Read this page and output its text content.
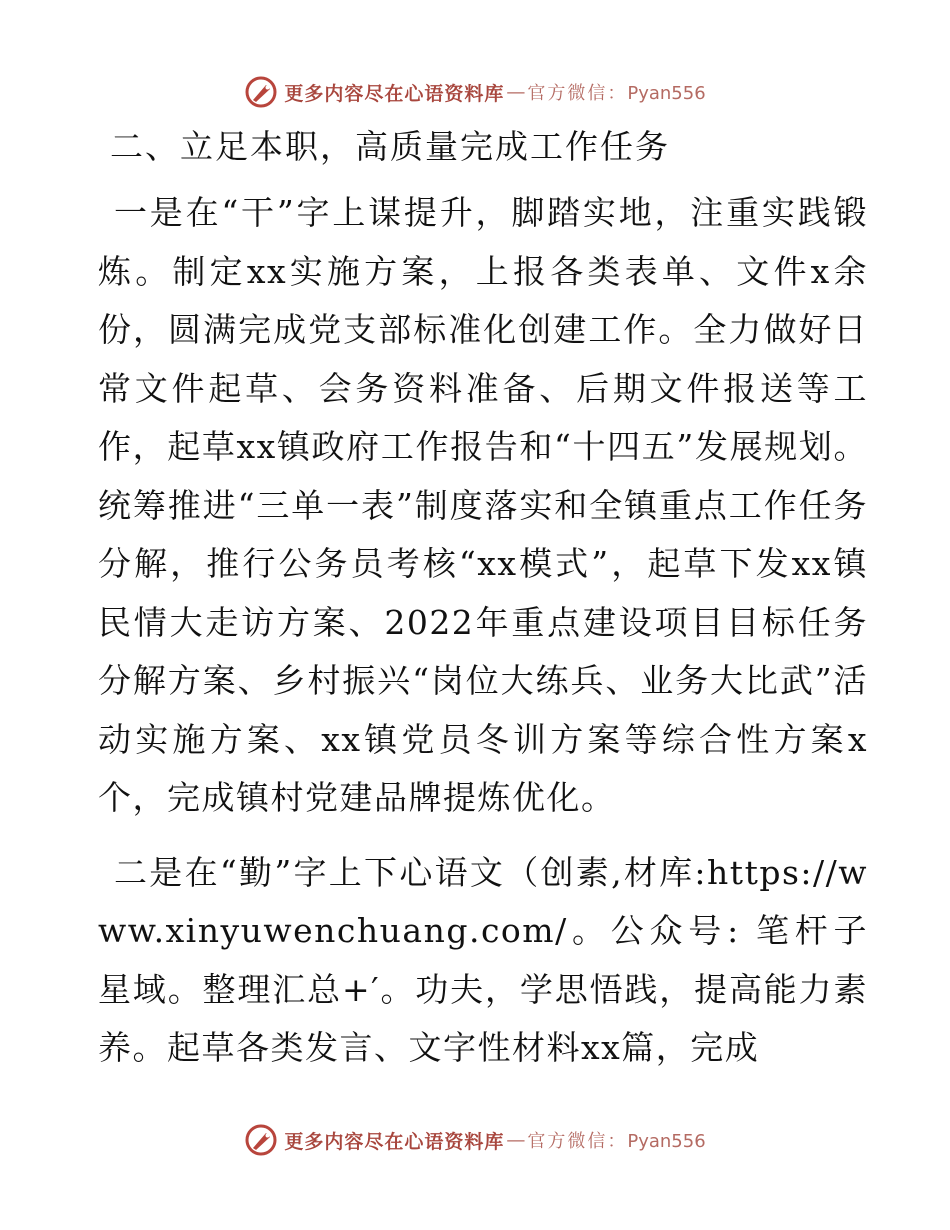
更多内容尽在心语资料库 — 官方微信：Pyan556
二、立足本职，高质量完成工作任务

一是在“干”字上谋提升，脚踏实地，注重实践锻炼。制定xx实施方案，上报各类表单、文件x余份，圆满完成党支部标准化创建工作。全力做好日常文件起草、会务资料准备、后期文件报送等工作，起草xx镇政府工作报告和“十四五”发展规划。统筹推进“三单一表”制度落实和全镇重点工作任务分解，推行公务员考核“xx模式”，起草下发xx镇民情大走访方案、2022年重点建设项目目标任务分解方案、乡村振兴“岗位大练兵、业务大比武”活动实施方案、xx镇党员冬训方案等综合性方案x个，完成镇村党建品牌提炼优化。

二是在“勤”字上下心语文（创素,材库:https://www.xinyuwenchuang.com/。公众号: 笔杆子星域。整理汇总+′。功夫，学思悟践，提高能力素养。起草各类发言、文字性材料xx篇，完成

更多内容尽在心语资料库 — 官方微信：Pyan556
